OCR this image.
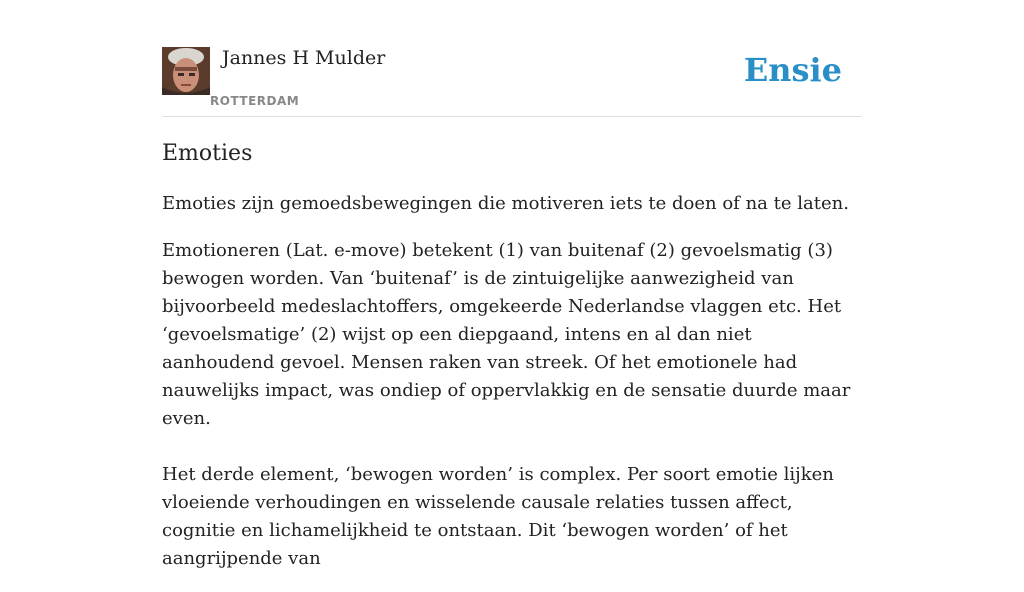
Jannes H Mulder
ROTTERDAM
Ensie
Emoties

Emoties zijn gemoedsbewegingen die motiveren iets te doen of na te laten.

Emotioneren (Lat. e-move) betekent (1) van buitenaf (2) gevoelsmatig (3) bewogen worden. Van ‘buitenaf’ is de zintuigelijke aanwezigheid van bijvoorbeeld medeslachtoffers, omgekeerde Nederlandse vlaggen etc. Het ‘gevoelsmatige’ (2) wijst op een diepgaand, intens en al dan niet aanhoudend gevoel. Mensen raken van streek. Of het emotionele had nauwelijks impact, was ondiep of oppervlakkig en de sensatie duurde maar even.

Het derde element, ‘bewogen worden’ is complex. Per soort emotie lijken vloeiende verhoudingen en wisselende causale relaties tussen affect, cognitie en lichamelijkheid te ontstaan. Dit ‘bewogen worden’ of het aangrijpende van
